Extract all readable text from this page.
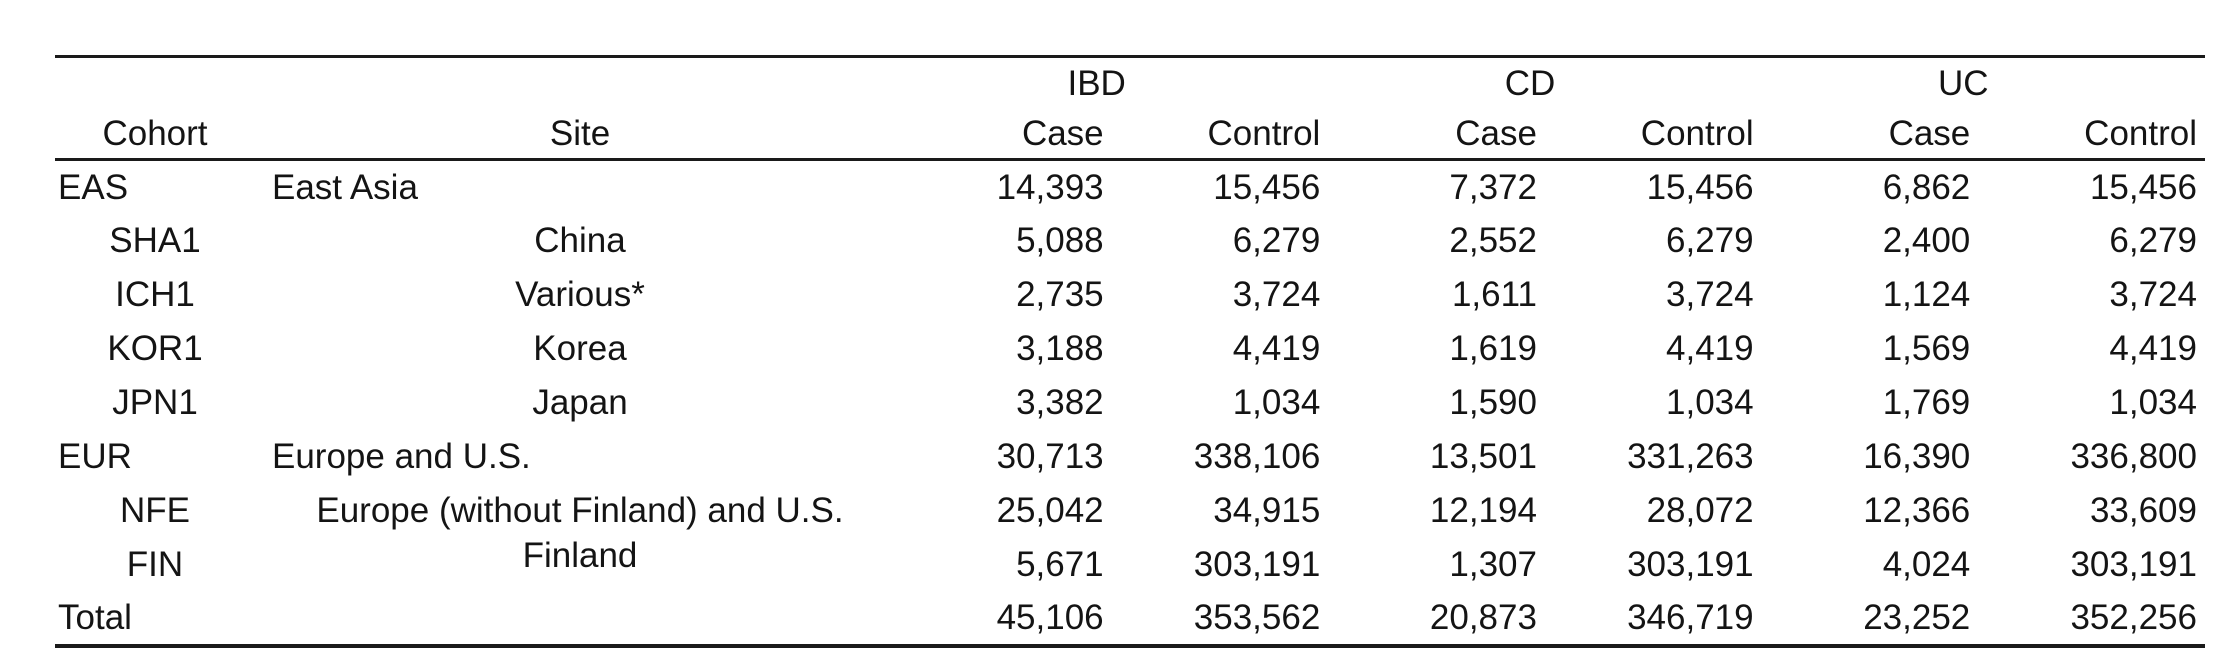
		IBD		CD		UC	
Cohort	Site	Case	Control	Case	Control	Case	Control
EAS	East Asia	14,393	15,456	7,372	15,456	6,862	15,456
SHA1	China	5,088	6,279	2,552	6,279	2,400	6,279
ICH1	Various*	2,735	3,724	1,611	3,724	1,124	3,724
KOR1	Korea	3,188	4,419	1,619	4,419	1,569	4,419
JPN1	Japan	3,382	1,034	1,590	1,034	1,769	1,034
EUR	Europe and U.S.	30,713	338,106	13,501	331,263	16,390	336,800
NFE	Europe (without Finland) and U.S.	25,042	34,915	12,194	28,072	12,366	33,609
FIN	Finland	5,671	303,191	1,307	303,191	4,024	303,191
Total		45,106	353,562	20,873	346,719	23,252	352,256
